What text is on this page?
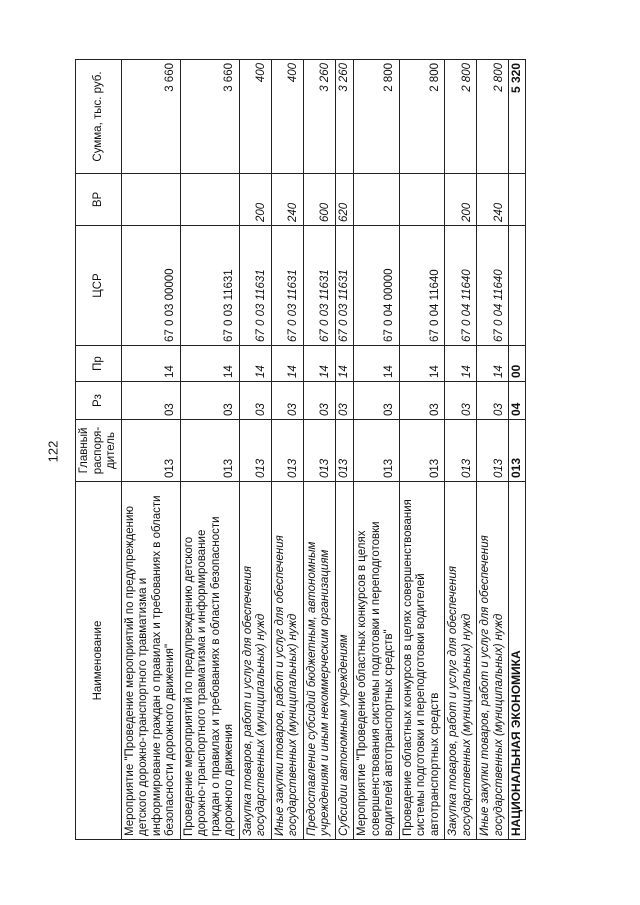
122
Наименование	Главный распоря-дитель	Рз	Пр	ЦСР	ВР	Сумма, тыс. руб.
Мероприятие "Проведение мероприятий по предупреждению детского дорожно-транспортного травматизма и информирование граждан о правилах и требованиях в области безопасности дорожного движения"	013	03	14	67 0 03 00000		3 660
Проведение мероприятий по предупреждению детского дорожно-транспортного травматизма и информирование граждан о правилах и требованиях в области безопасности дорожного движения	013	03	14	67 0 03 11631		3 660
Закупка товаров, работ и услуг для обеспечения государственных (муниципальных) нужд	013	03	14	67 0 03 11631	200	400
Иные закупки товаров, работ и услуг для обеспечения государственных (муниципальных) нужд	013	03	14	67 0 03 11631	240	400
Предоставление субсидий бюджетным, автономным учреждениям и иным некоммерческим организациям	013	03	14	67 0 03 11631	600	3 260
Субсидии автономным учреждениям	013	03	14	67 0 03 11631	620	3 260
Мероприятие "Проведение областных конкурсов в целях совершенствования системы подготовки и переподготовки водителей автотранспортных средств"	013	03	14	67 0 04 00000		2 800
Проведение областных конкурсов в целях совершенствования системы подготовки и переподготовки водителей автотранспортных средств	013	03	14	67 0 04 11640		2 800
Закупка товаров, работ и услуг для обеспечения государственных (муниципальных) нужд	013	03	14	67 0 04 11640	200	2 800
Иные закупки товаров, работ и услуг для обеспечения государственных (муниципальных) нужд	013	03	14	67 0 04 11640	240	2 800
НАЦИОНАЛЬНАЯ ЭКОНОМИКА	013	04	00			5 320
